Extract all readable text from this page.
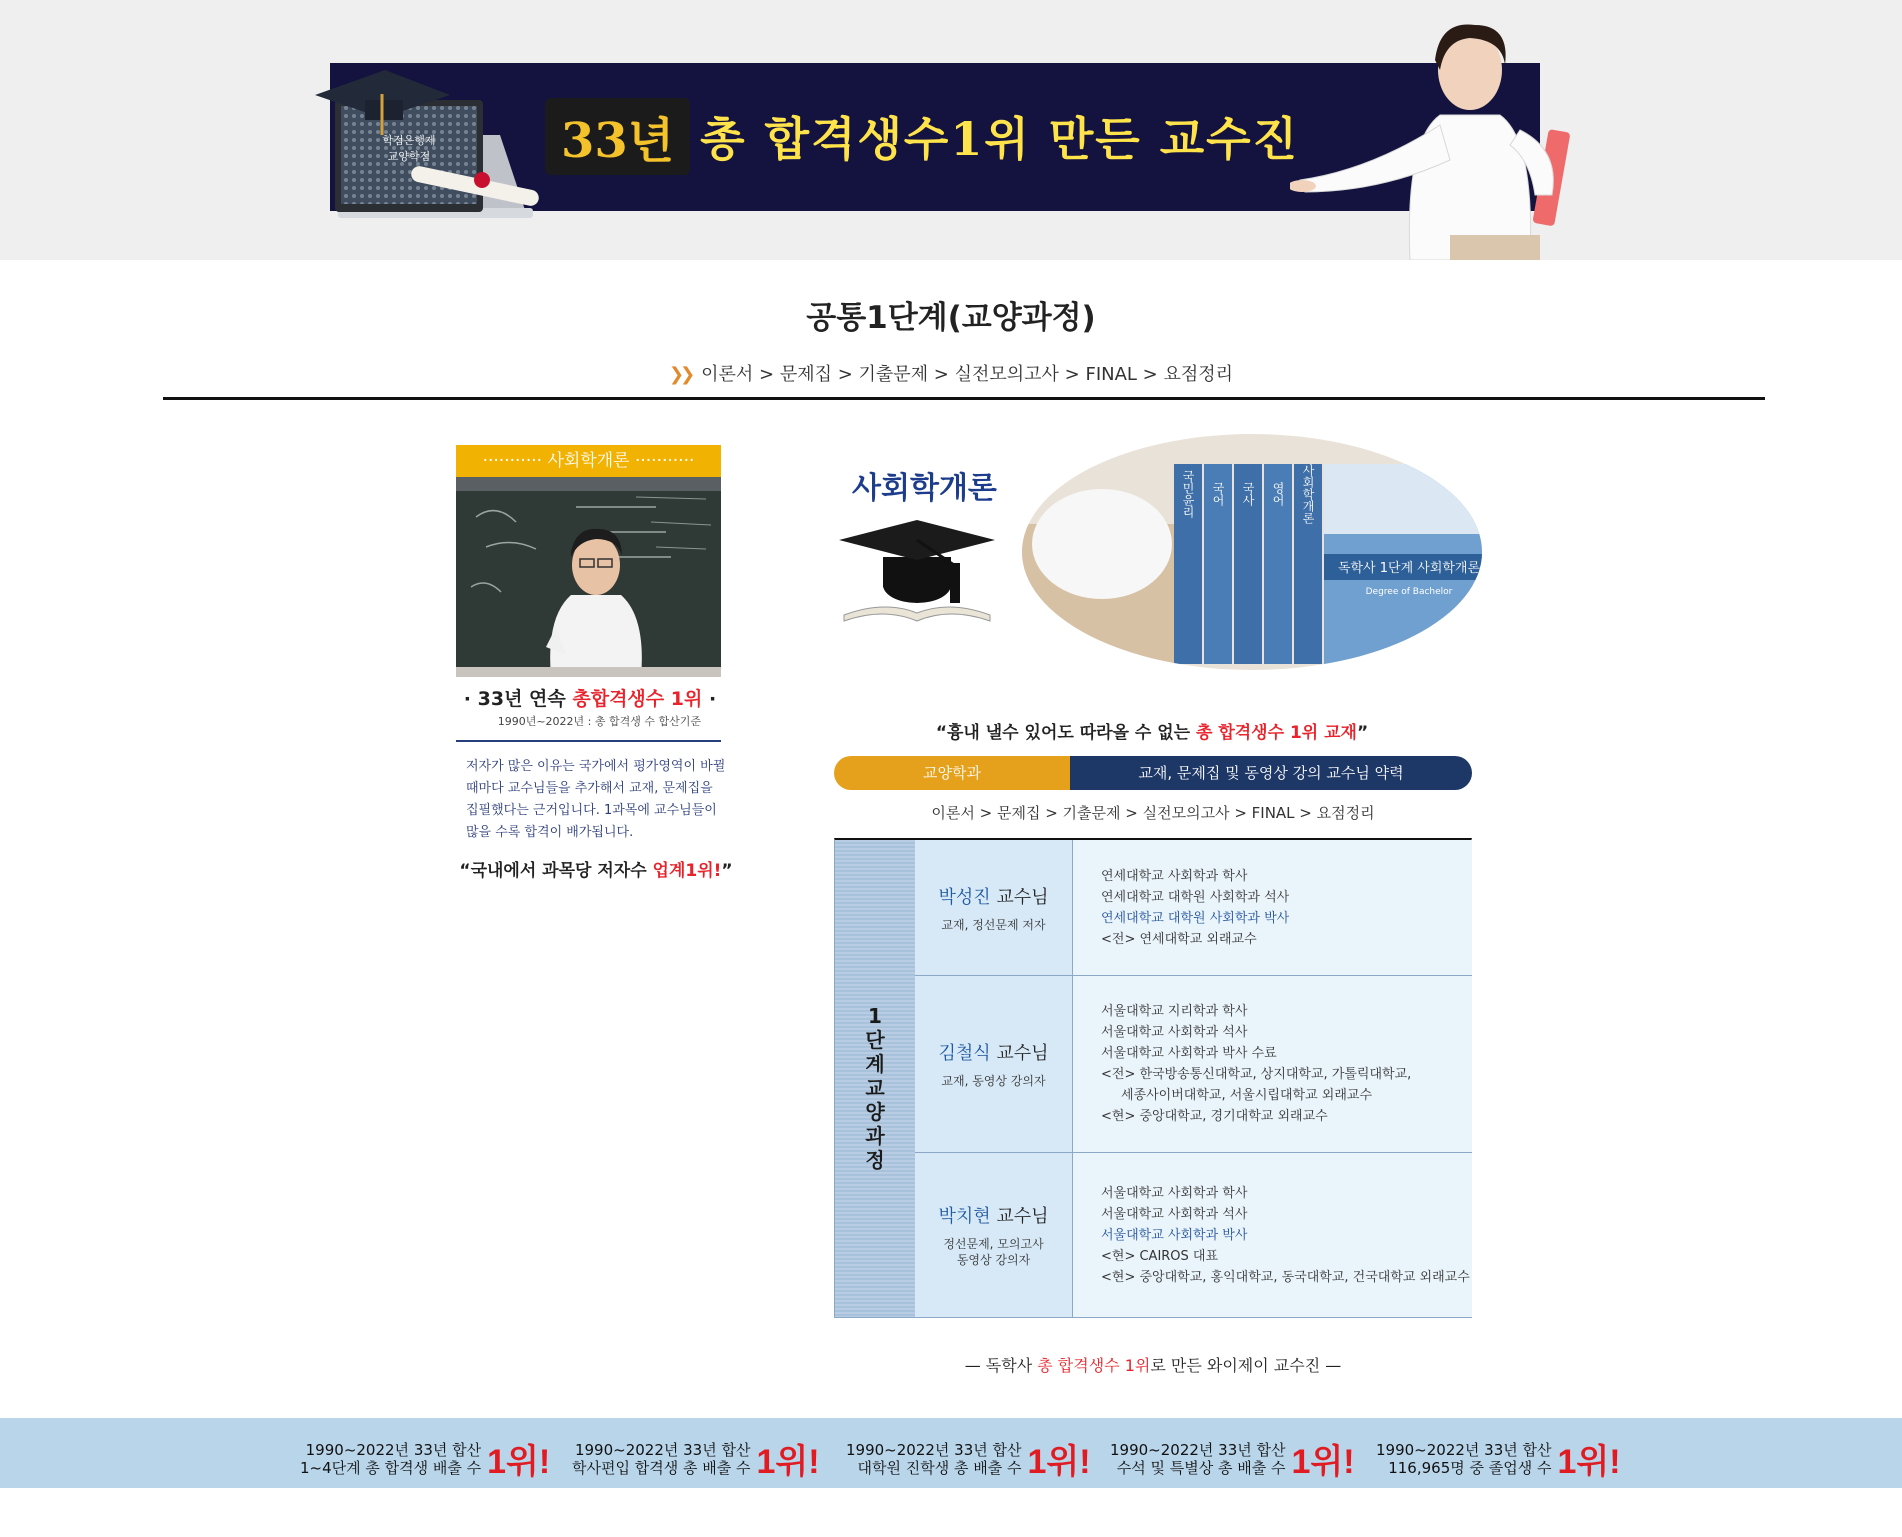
학점은행제
교양학점	33년 총 합격생수1위 만든 교수진
공통1단계(교양과정)
❯❯ 이론서 > 문제집 > 기출문제 > 실전모의고사 > FINAL > 요점정리
··········· 사회학개론 ···········
· 33년 연속 총합격생수 1위 ·
1990년~2022년 : 총 합격생 수 합산기준
저자가 많은 이유는 국가에서 평가영역이 바뀔 때마다 교수님들을 추가해서 교재, 문제집을 집필했다는 근거입니다. 1과목에 교수님들이 많을 수록 합격이 배가됩니다.
“국내에서 과목당 저자수 업계1위!”
사회학개론	국민윤리 국어 국사 영어 사회학개론
독학사 1단계 사회학개론
Degree of Bachelor
“흉내 낼수 있어도 따라올 수 없는 총 합격생수 1위 교재”
교양학과	교재, 문제집 및 동영상 강의 교수님 약력
이론서 > 문제집 > 기출문제 > 실전모의고사 > FINAL > 요점정리
1
단
계
교
양
과
정
박성진 교수님
교재, 정선문제 저자
연세대학교 사회학과 학사
연세대학교 대학원 사회학과 석사
연세대학교 대학원 사회학과 박사
<전> 연세대학교 외래교수
김철식 교수님
교재, 동영상 강의자
서울대학교 지리학과 학사
서울대학교 사회학과 석사
서울대학교 사회학과 박사 수료
<전> 한국방송통신대학교, 상지대학교, 가톨릭대학교,
세종사이버대학교, 서울시립대학교 외래교수
<현> 중앙대학교, 경기대학교 외래교수
박치현 교수님
정선문제, 모의고사
동영상 강의자
서울대학교 사회학과 학사
서울대학교 사회학과 석사
서울대학교 사회학과 박사
<현> CAIROS 대표
<현> 중앙대학교, 홍익대학교, 동국대학교, 건국대학교 외래교수
— 독학사 총 합격생수 1위로 만든 와이제이 교수진 —
1990~2022년 33년 합산
1~4단계 총 합격생 배출 수 1위! 1990~2022년 33년 합산
학사편입 합격생 총 배출 수 1위! 1990~2022년 33년 합산
대학원 진학생 총 배출 수 1위! 1990~2022년 33년 합산
수석 및 특별상 총 배출 수 1위! 1990~2022년 33년 합산
116,965명 중 졸업생 수 1위!
